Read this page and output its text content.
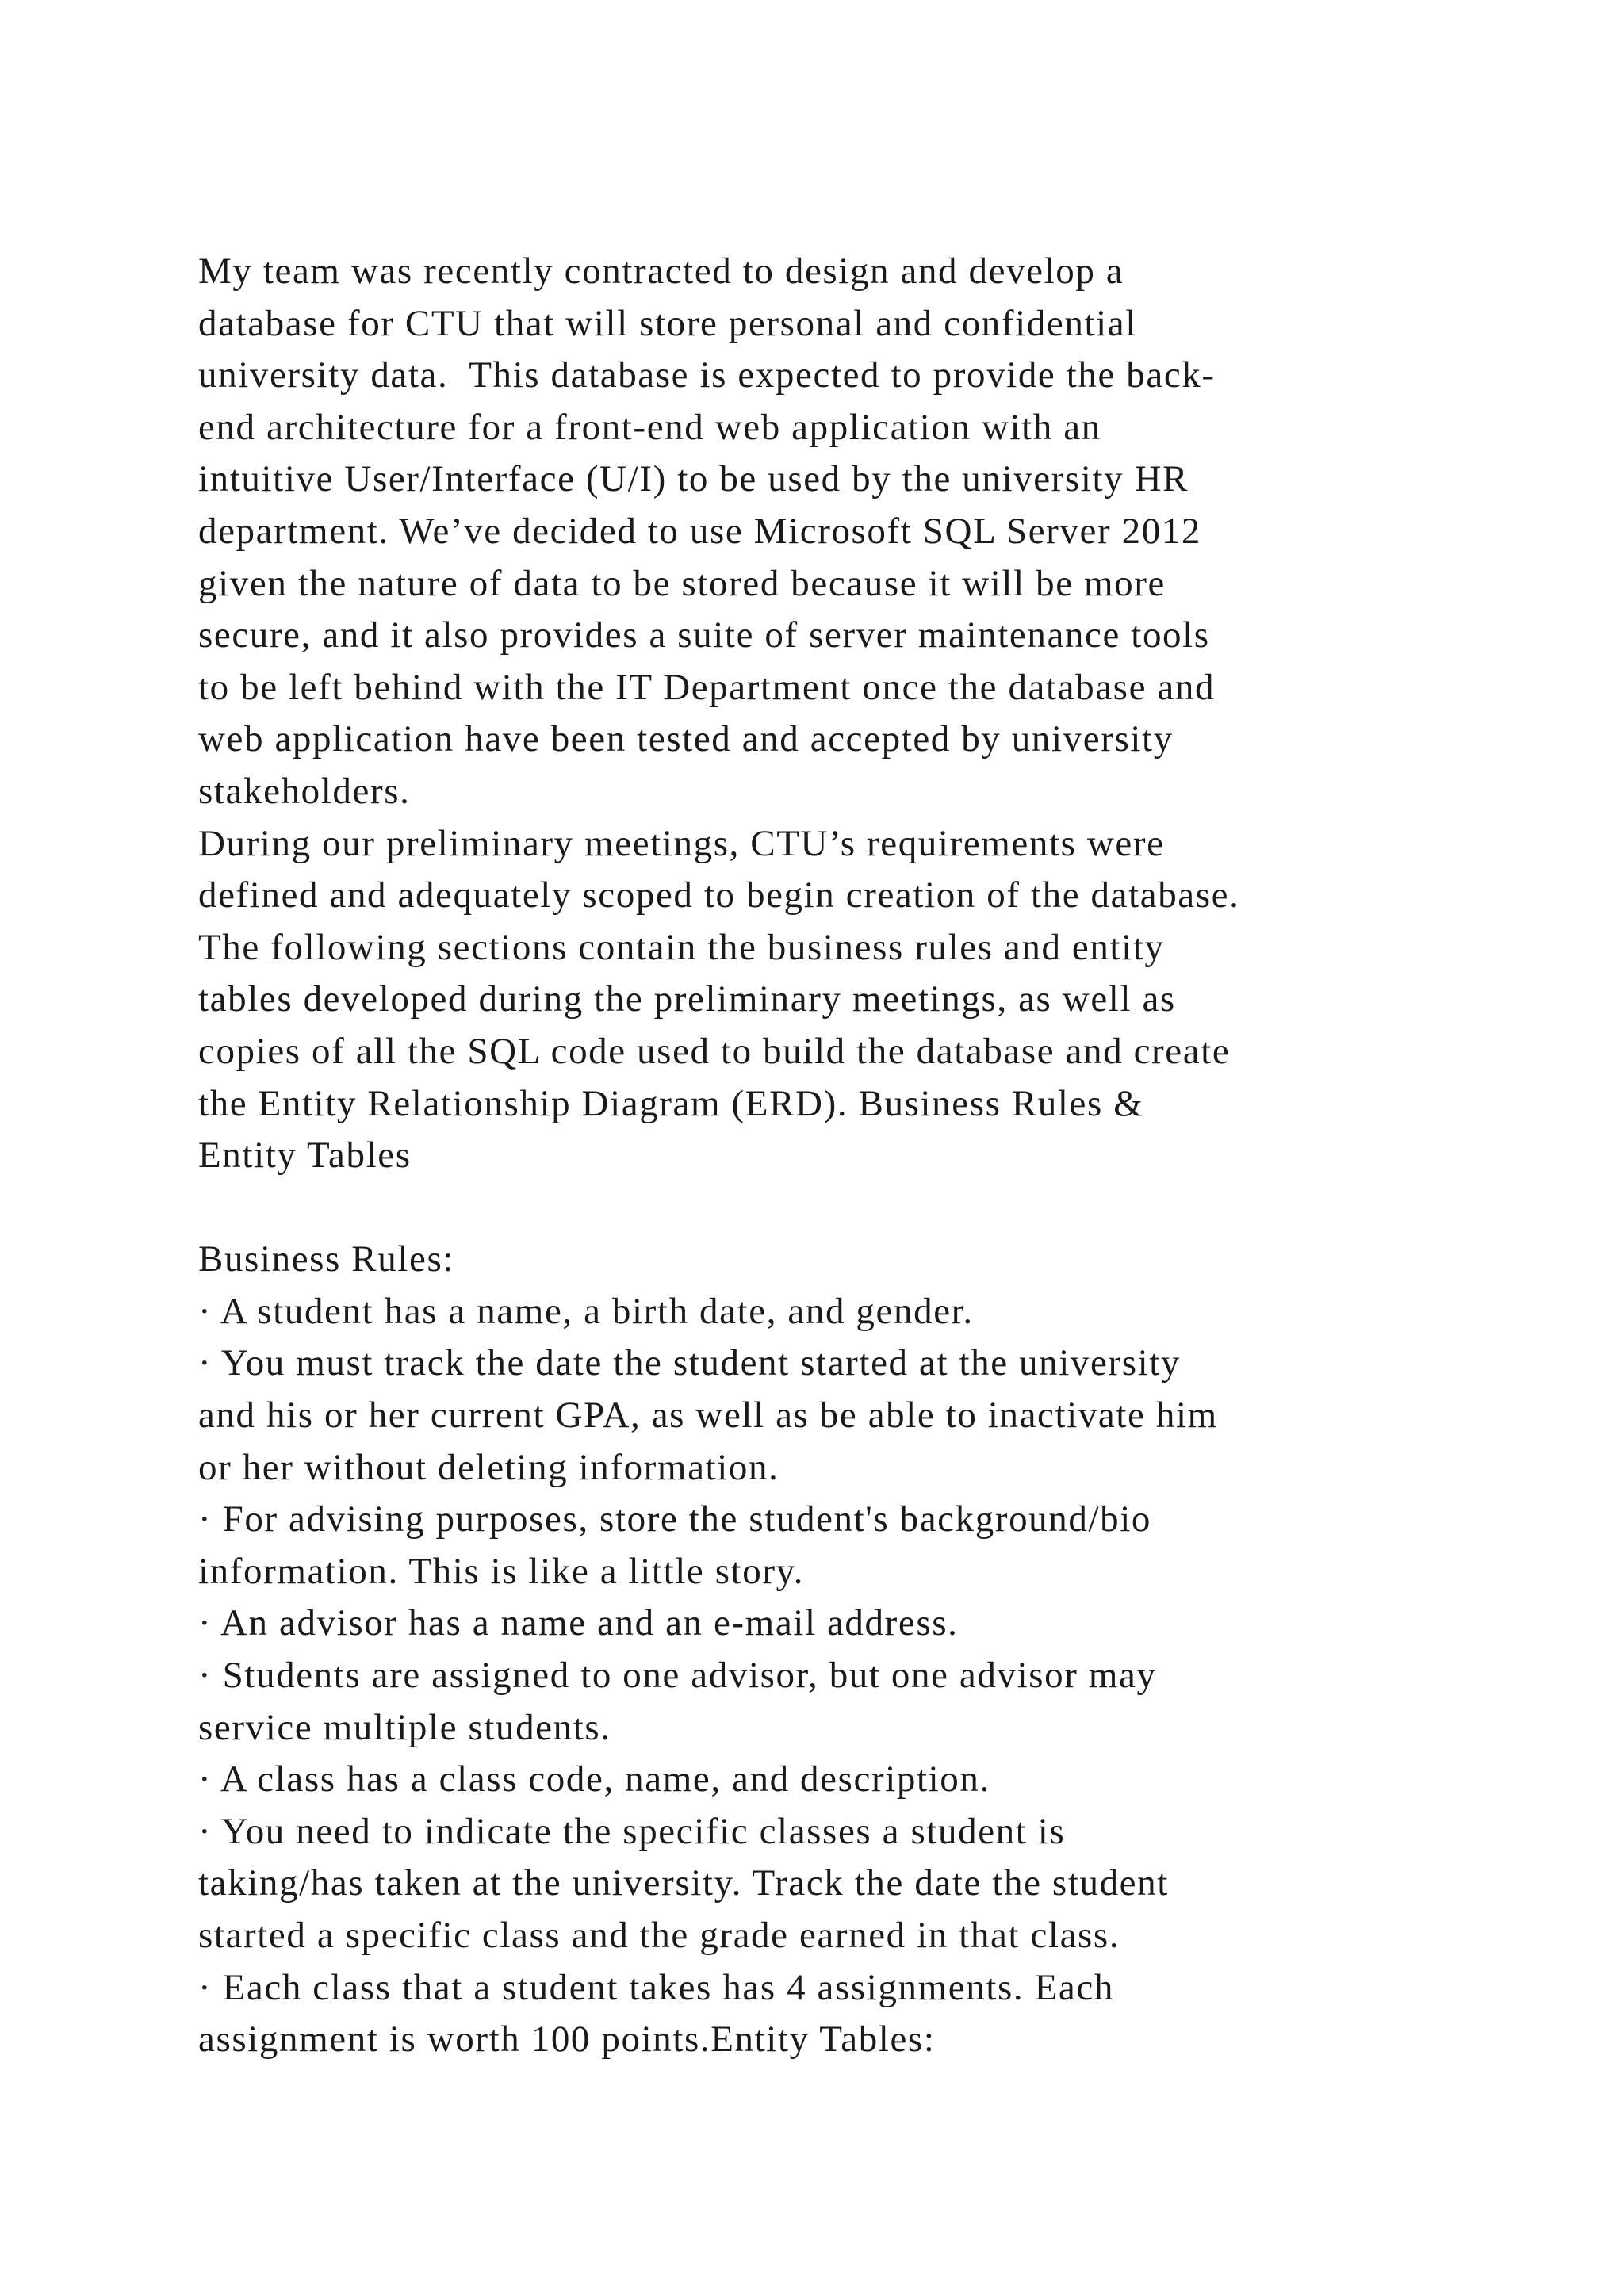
My team was recently contracted to design and develop a
database for CTU that will store personal and confidential
university data.  This database is expected to provide the back-
end architecture for a front-end web application with an
intuitive User/Interface (U/I) to be used by the university HR
department. We’ve decided to use Microsoft SQL Server 2012
given the nature of data to be stored because it will be more
secure, and it also provides a suite of server maintenance tools
to be left behind with the IT Department once the database and
web application have been tested and accepted by university
stakeholders.
During our preliminary meetings, CTU’s requirements were
defined and adequately scoped to begin creation of the database.
The following sections contain the business rules and entity
tables developed during the preliminary meetings, as well as
copies of all the SQL code used to build the database and create
the Entity Relationship Diagram (ERD). Business Rules &
Entity Tables
Business Rules:
· A student has a name, a birth date, and gender.
· You must track the date the student started at the university
and his or her current GPA, as well as be able to inactivate him
or her without deleting information.
· For advising purposes, store the student's background/bio
information. This is like a little story.
· An advisor has a name and an e-mail address.
· Students are assigned to one advisor, but one advisor may
service multiple students.
· A class has a class code, name, and description.
· You need to indicate the specific classes a student is
taking/has taken at the university. Track the date the student
started a specific class and the grade earned in that class.
· Each class that a student takes has 4 assignments. Each
assignment is worth 100 points.Entity Tables:
